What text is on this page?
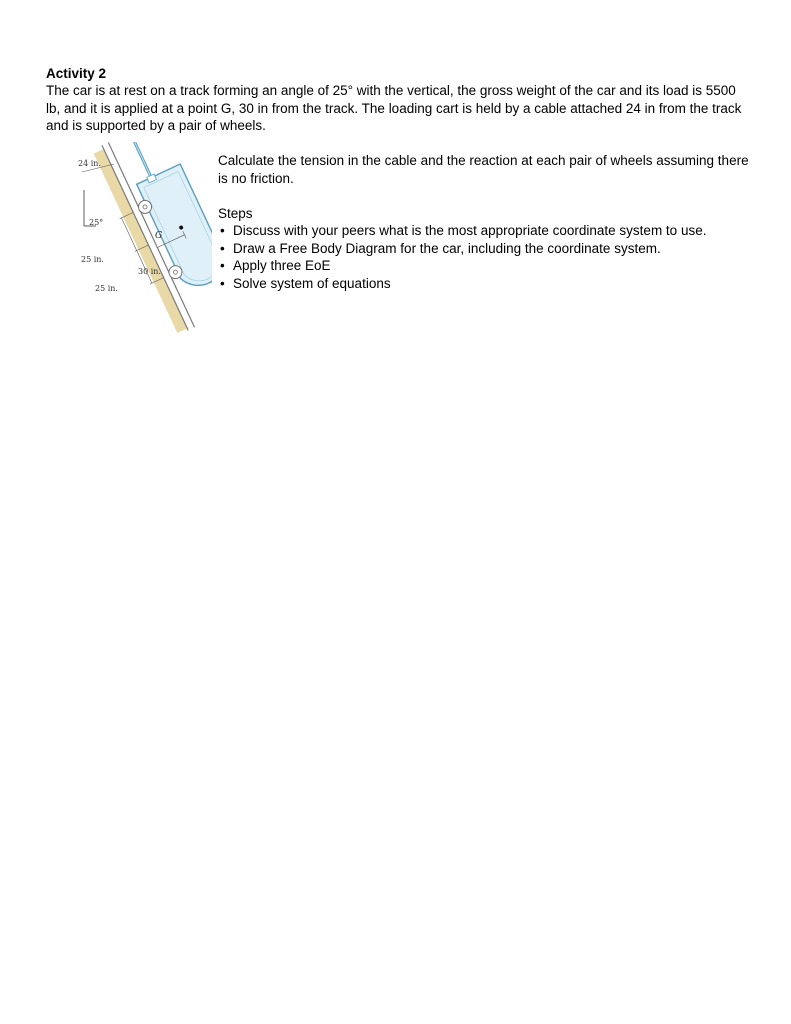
Activity 2

The car is at rest on a track forming an angle of 25° with the vertical, the gross weight of the car and its load is 5500 lb, and it is applied at a point G, 30 in from the track. The loading cart is held by a cable attached 24 in from the track and is supported by a pair of wheels.

24 in.
25°
25 in.
25 in.
30 in.
G

Calculate the tension in the cable and the reaction at each pair of wheels assuming there is no friction.

Steps

• Discuss with your peers what is the most appropriate coordinate system to use.
• Draw a Free Body Diagram for the car, including the coordinate system.
• Apply three EoE
• Solve system of equations
